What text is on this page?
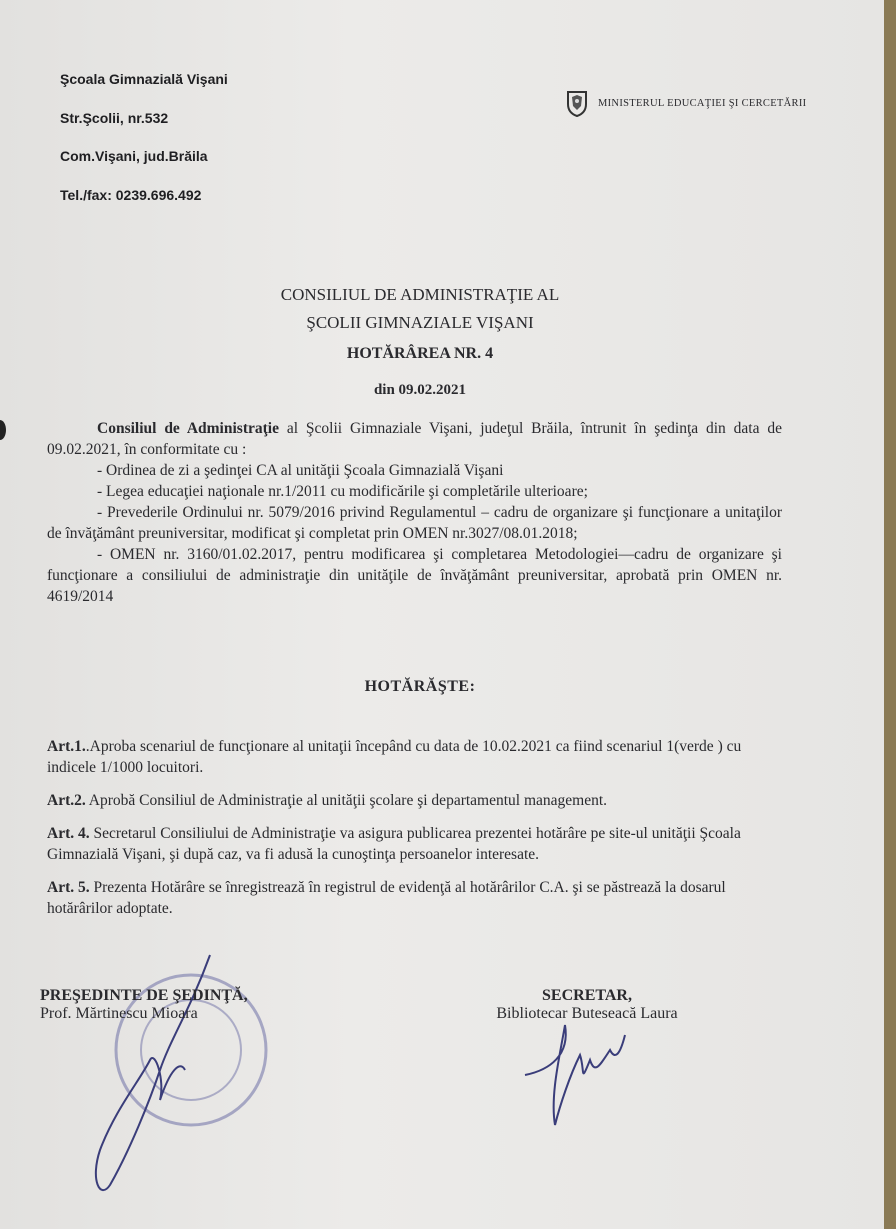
Şcoala Gimnazială Vişani
Str.Şcolii, nr.532
Com.Vişani, jud.Brăila
Tel./fax: 0239.696.492
MINISTERUL EDUCAŢIEI ŞI CERCETĂRII
CONSILIUL DE ADMINISTRAŢIE AL
ŞCOLII GIMNAZIALE VIŞANI
HOTĂRÂREA NR. 4
din 09.02.2021

Consiliul de Administraţie al Şcolii Gimnaziale Vişani, judeţul Brăila, întrunit în şedinţa din data de 09.02.2021, în conformitate cu :

- Ordinea de zi a şedinţei CA al unităţii Şcoala Gimnazială Vişani

- Legea educaţiei naţionale nr.1/2011 cu modificările şi completările ulterioare;

- Prevederile Ordinului nr. 5079/2016 privind Regulamentul – cadru de organizare şi funcţionare a unitaţilor de învăţământ preuniversitar, modificat şi completat prin OMEN nr.3027/08.01.2018;

- OMEN nr. 3160/01.02.2017, pentru modificarea şi completarea Metodologiei—cadru de organizare şi funcţionare a consiliului de administraţie din unităţile de învăţământ preuniversitar, aprobată prin OMEN nr. 4619/2014

HOTĂRĂŞTE:

Art.1..Aproba scenariul de funcţionare al unitaţii începând cu data de 10.02.2021 ca fiind scenariul 1(verde ) cu indicele 1/1000 locuitori.

Art.2. Aprobă Consiliul de Administraţie al unităţii şcolare şi departamentul management.

Art. 4. Secretarul Consiliului de Administraţie va asigura publicarea prezentei hotărâre pe site-ul unităţii Şcoala Gimnazială Vişani, şi după caz, va fi adusă la cunoştinţa persoanelor interesate.

Art. 5. Prezenta Hotărâre se înregistrează în registrul de evidenţă al hotărârilor C.A. şi se păstrează la dosarul hotărârilor adoptate.

PREŞEDINTE DE ŞEDINŢĂ,
Prof. Mărtinescu Mioara
SECRETAR,
Bibliotecar Buteseacă Laura
